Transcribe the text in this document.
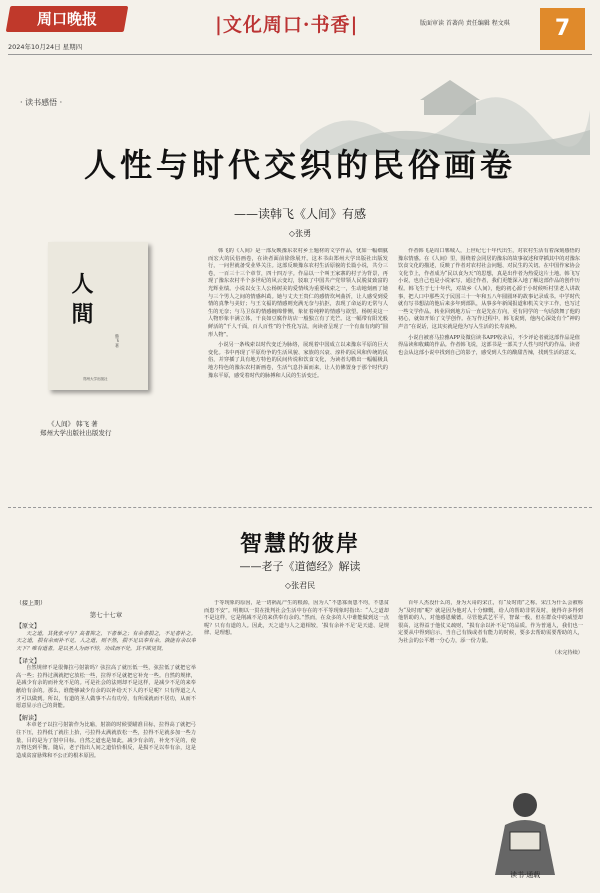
周口晚报	|文化周口·书香|	版面审读 首著尚 责任编辑 程文琪	7
2024年10月24日 星期四
· 读书感悟 ·
人性与时代交织的民俗画卷
——读韩飞《人间》有感
◇张勇
人間
韩飞 著
郑州大学出版社
《人间》 韩飞 著
郑州大学出版社出版发行

韩飞的《人间》是一部反映豫东农村乡土题材的文学作品，忧如一幅细腻而宏大的民俗画卷，在读者面前徐徐展开。这本书由郑州大学出版社出版发行，一问世就备受业界关注。这部反映豫东农村生活原貌的长篇小说，共分三卷，一百三十三个章节，四十四万字。作品以一个叫王家寨的村子为背景，再现了豫东农村半个多世纪的风云变幻，驳取了中国共产党带领人民脱贫致富的光辉业绩。小说以女主人公杨树美的爱情线为重要线索之一，生动地刻画了她与三个男人之间的情感纠葛。她与丈夫王贵仁的感情坎坷曲折，让人感受到爱情的真挚与美好；与王文福的情感则充满无奈与抗拒，表现了命运的无常与人生的无奈；与马卫东的情感缠绵悱恻，象征着纯粹的情感与欲望。杨树美这一人物形象丰满立体，干良如豆腐作坊店一般独立有了光芒。这一幅带有阳光般鲜活的“千人千面，百人百性”的个性化写法，向读者呈现了一个有血有肉的“圆形人物”。

小说另一条线索以时代变迁为脉络，展现着中国成立以来豫东平原的巨大变化。书中再现了平原纷争的生活风貌、家族的兴衰、淳朴的民风和传统的民俗，并穿插了具有地方特色的民间传说和饮食文化，为读者勾勒出一幅幅极具地方特色的豫东农村新画卷，生活气息扑面而来，让人仿佛置身于那个时代的豫东平原，感受着时代的脉搏和人民的生活变迁。

作者韩飞是周口郸城人，上世纪七十年代出生，对农村生活有着深刻感悟的豫东情感。在《人间》里，围绕着会同居的豫东的故事叙述和穿插其中的对豫东饮食文化的描述，反映了作者对农村社会问题、对民生的关切。在中国作家协会文化节上，作者成为“民以食为天”的思想，真是出作者为热爱这片土地。韩飞写小说，也自己也是小说家写，通过作者，我们更能深入地了解这部作品的创作历程。韩飞生于七十年代，对故乡《人间》，他的初心源于小时候听村里老人讲故事，把人口中那些关于民国三十一年和五八年圆圆环的故事记录成书。中学时代就有写书想法的他后来多年到部队，从事多年新闻报道和机关文字工作，也写过一些文学作品。转业回到地方后一直是先在方向，更有同学的一句话鼓舞了他的初心，就如开始了文学创作。在写作过程中，韩飞说到，他内心深处有个“神的声音”在说话，这其实就是他为写入生活的长寿流畅。

小说自被喜马拉雅APP及微信读书APP收录后，不少评论者就这部作品是值得品读和收藏的作品。作者韩飞说，这部书是一部关于人性与时代的作品。读者也会从这部小说中找到自己的影子，感受到人生的酸甜苦辣，找到生活的意义。

智慧的彼岸
——老子《道德经》解读
◇张君民
（接上期）
第七十七章
【原文】

天之道，其犹张弓与？高者抑之，下者举之；有余者损之，不足者补之。天之道，损有余而补不足。人之道，则不然，损不足以奉有余。孰能有余以奉天下？唯有道者。是以圣人为而不恃，功成而不处，其不欲见贤。

【译文】

自然规律不是很像拉弓射箭吗？弦拉高了就压低一些，弦拉低了就把它举高一些；拉得过满就把它放松一些，拉得不足就把它补充一些。自然的规律，是减少有余的而补充不足的。可是社会的法则却不是这样，是减少不足的来奉献给有余的。那么，谁能够减少有余的以补给天下人的不足呢？只有得道之人才可以做到。所以，有道的圣人做事不占有功劳，有所成就而不居功，从而不愿意显示自己的贤能。

【解读】

本章老子以拉弓射箭作为比喻，射箭的时候要瞄准目标，拉得高了就把弓往下压，拉得低了就往上抬，弓拉得太满就放松一些，拉得不足就多加一些力量，目的是为了射中目标。自然之道也是如此，减少有余的，补充不足的，使万物达到平衡。随后，老子指出人间之道恰恰相反，是损不足以奉有余，这是造成贫富悬殊和不公正的根本原因。

于等现象的原因，是一切祸乱产生的根源，因为人“不患寡而患不均，不患贫而患不安”。明朝以一贯在批判社会生活中存在的不平等现象时指出：“人之道却不是这样，它是削减不足的来供奉有余的。”然而，在众多的人中谁能做到这一点呢？只有有道的人。因此，天之道与人之道相较，‘损有余补不足’是天道、是规律、是理想。

百年人杰没什么的，身为大哥的宋江，有“及时雨”之称。宋江为什么会被称为“及时雨”呢？就是因为他对人十分慷慨，给人的帮助非常及时，使得许多得到他帮助的人，对他感恩戴德。尽管他武艺平平，智谋一般，但在群众中的威望却很高，这得益于他仗义疏财，“损有余以补不足”的品质。作为普通人，我们也一定要从中得到启示，当自己有钱或者有能力的时候，要多去帮助需要帮助的人，为社会的公平增一分心力，添一份力量。

（未完待续）
读书·通载
